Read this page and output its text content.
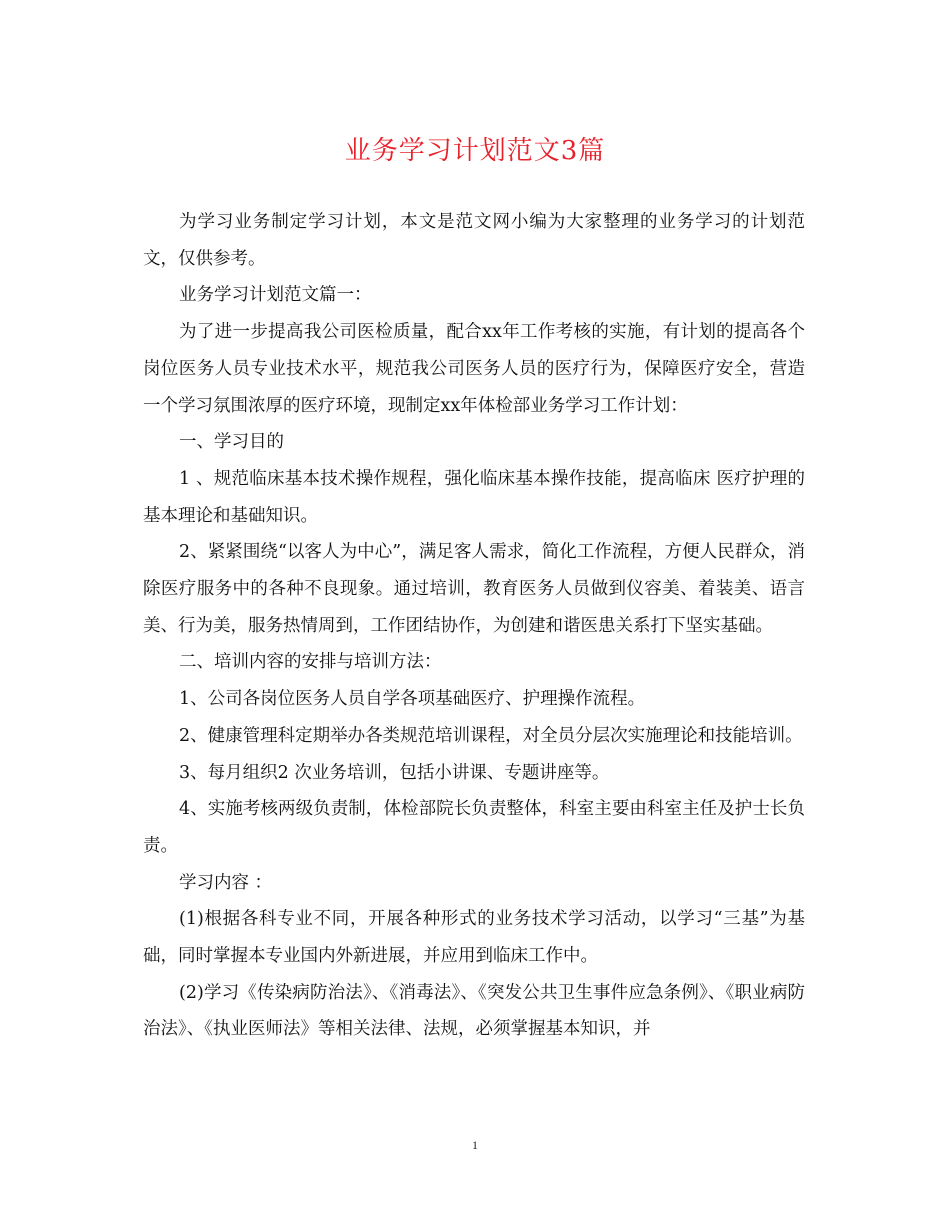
业务学习计划范文3篇

为学习业务制定学习计划，本文是范文网小编为大家整理的业务学习的计划范文，仅供参考。

业务学习计划范文篇一：

为了进一步提高我公司医检质量，配合xx年工作考核的实施，有计划的提高各个岗位医务人员专业技术水平，规范我公司医务人员的医疗行为，保障医疗安全，营造一个学习氛围浓厚的医疗环境，现制定xx年体检部业务学习工作计划：

一、学习目的

1 、规范临床基本技术操作规程，强化临床基本操作技能，提高临床 医疗护理的基本理论和基础知识。

2、紧紧围绕“以客人为中心”，满足客人需求，简化工作流程，方便人民群众，消除医疗服务中的各种不良现象。通过培训，教育医务人员做到仪容美、着装美、语言美、行为美，服务热情周到，工作团结协作，为创建和谐医患关系打下坚实基础。

二、培训内容的安排与培训方法：

1、公司各岗位医务人员自学各项基础医疗、护理操作流程。

2、健康管理科定期举办各类规范培训课程，对全员分层次实施理论和技能培训。

3、每月组织2 次业务培训，包括小讲课、专题讲座等。

4、实施考核两级负责制，体检部院长负责整体，科室主要由科室主任及护士长负责。

学习内容 ：

(1)根据各科专业不同，开展各种形式的业务技术学习活动，以学习“三基”为基础，同时掌握本专业国内外新进展，并应用到临床工作中。

(2)学习《传染病防治法》、《消毒法》、《突发公共卫生事件应急条例》、《职业病防治法》、《执业医师法》等相关法律、法规，必须掌握基本知识，并

1
